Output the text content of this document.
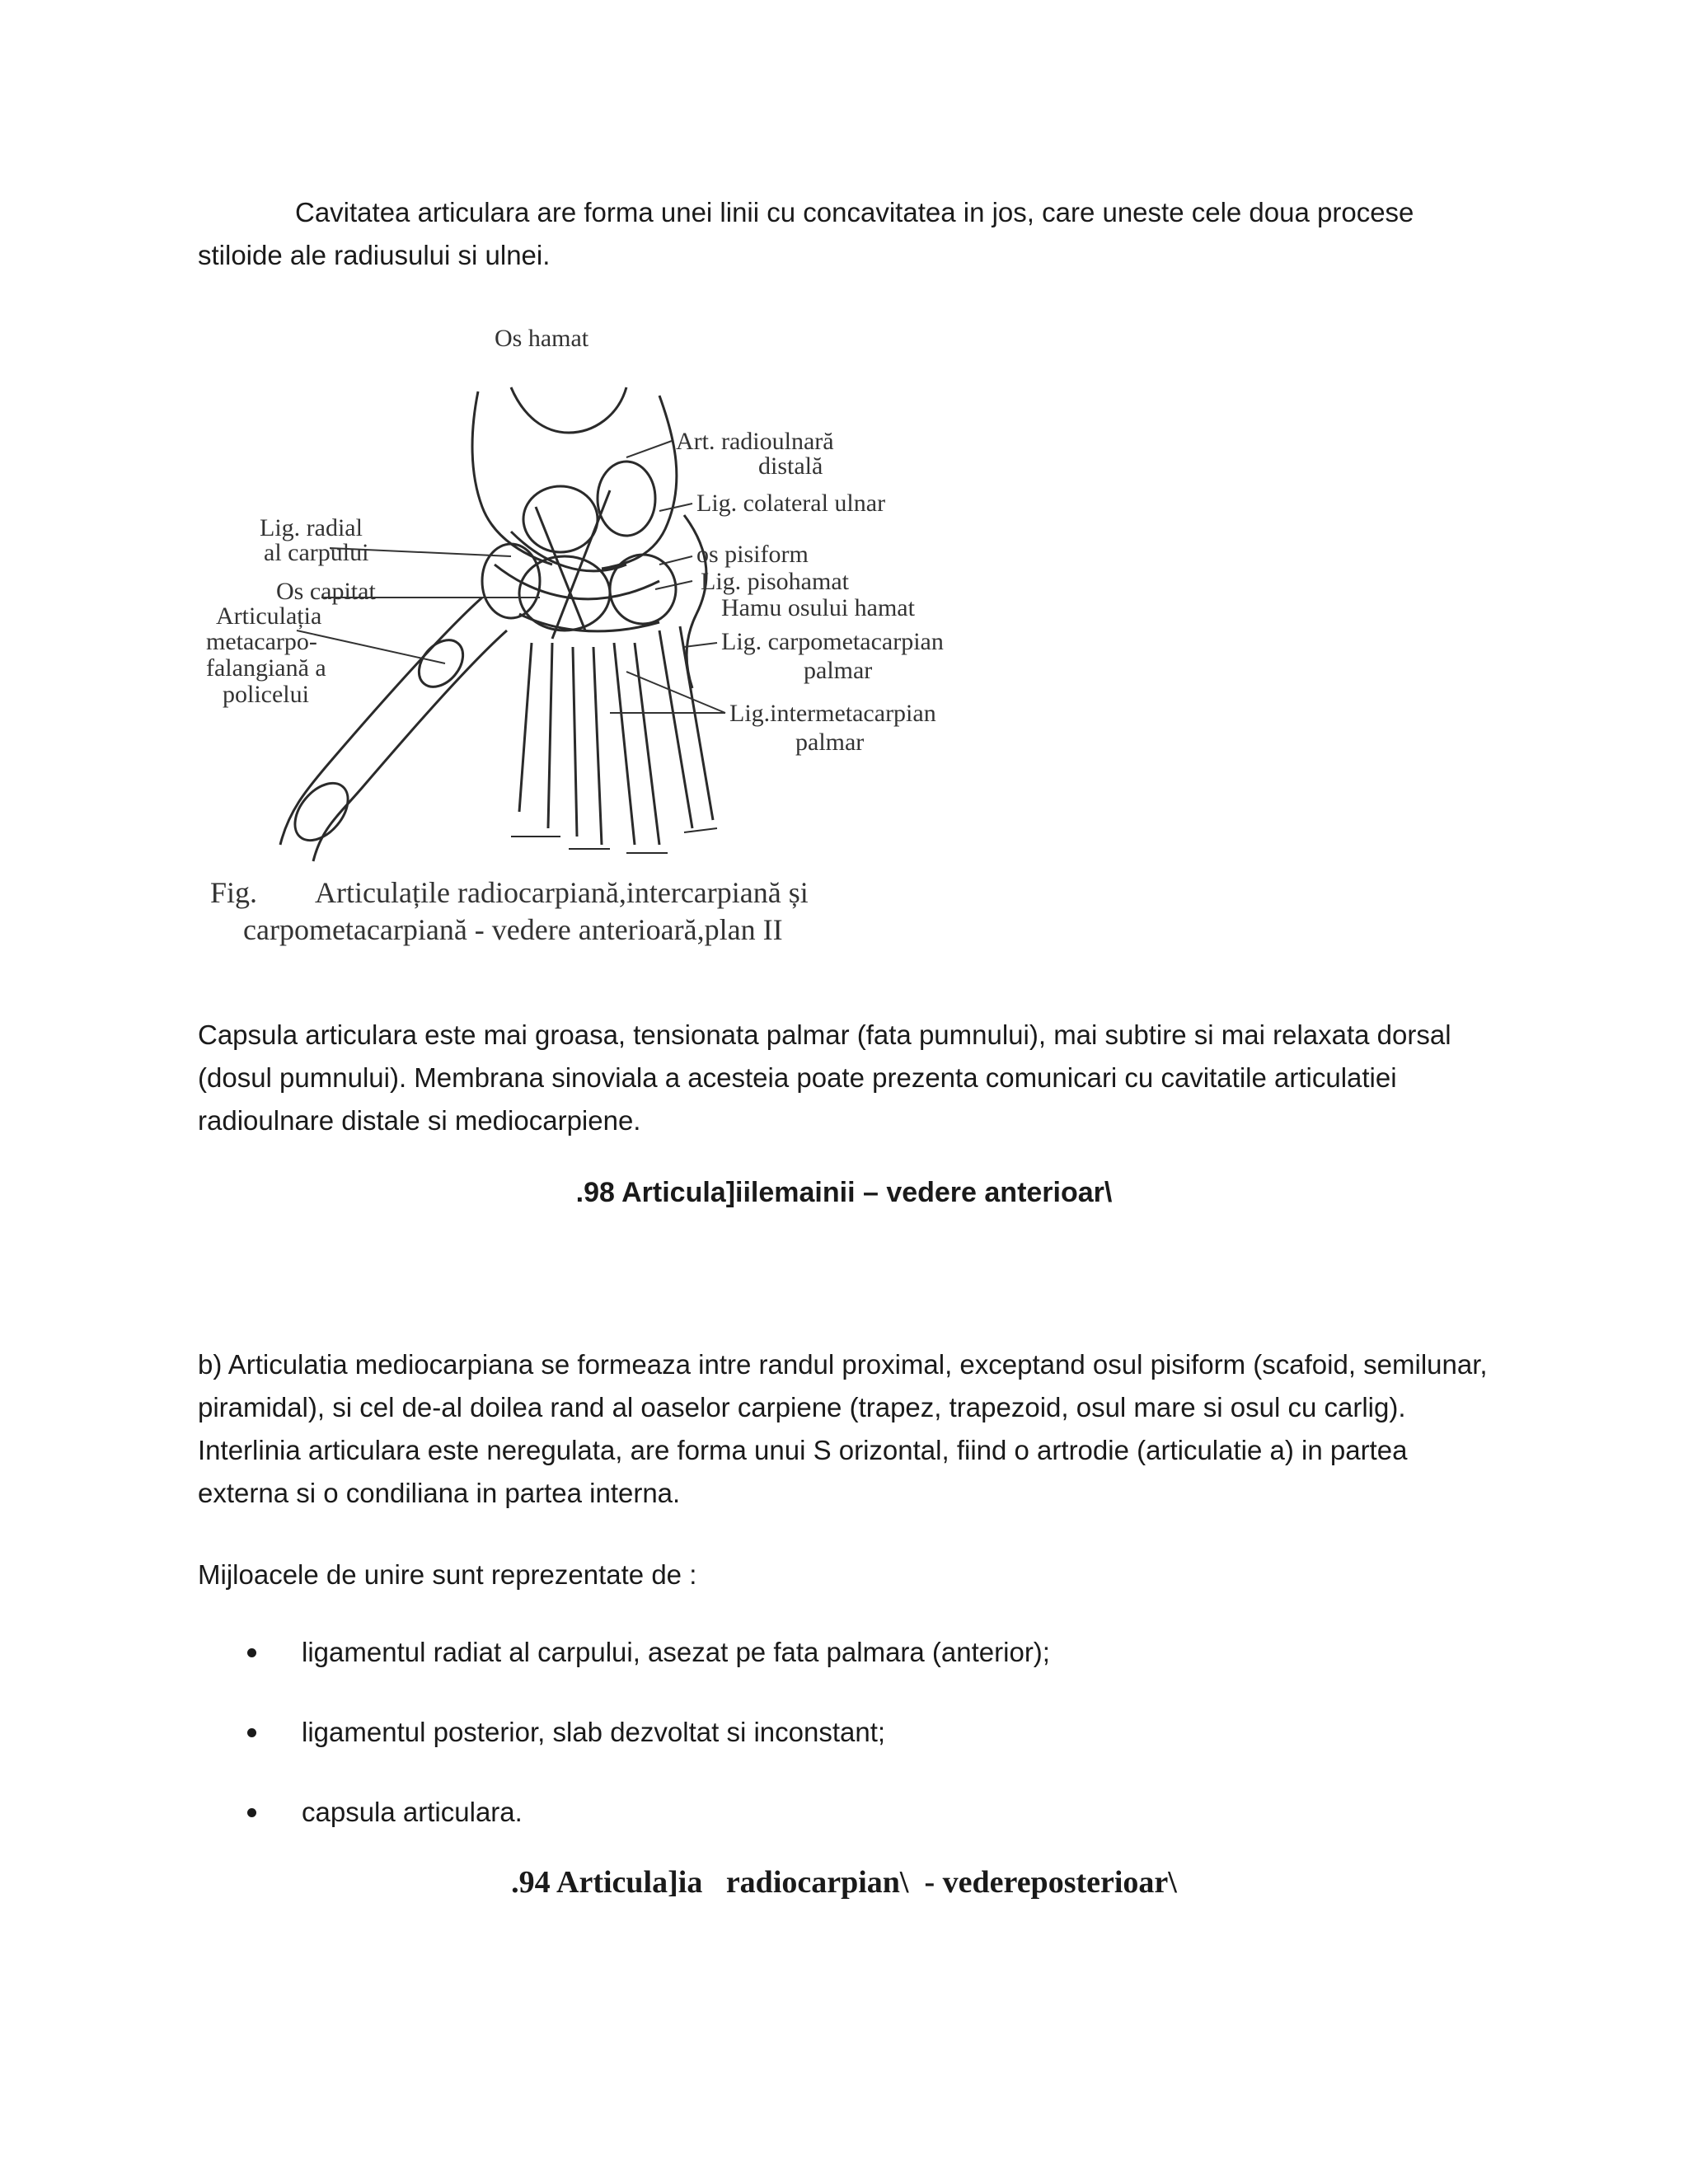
Cavitatea articulara are forma unei linii cu concavitatea in jos, care uneste cele doua procese stiloide ale radiusului si ulnei.

Os hamat
Art. radioulnară
distală
Lig. colateral ulnar
Lig. radial
al carpului	os pisiform
Os capitat	Lig. pisohamat
Articulația	Hamu osului hamat
metacarpo-	Lig. carpometacarpian
falangiană a	palmar
policelui
Lig.intermetacarpian
palmar
Fig.        Articulațile radiocarpiană,intercarpiană și
carpometacarpiană - vedere anterioară,plan II

Capsula articulara este mai groasa, tensionata palmar (fata pumnului), mai subtire si mai relaxata dorsal (dosul pumnului). Membrana sinoviala a acesteia poate prezenta comunicari cu cavitatile articulatiei radioulnare distale si mediocarpiene.

.98 Articula]iilemainii – vedere anterioar\

b) Articulatia mediocarpiana se formeaza intre randul proximal, exceptand osul pisiform (scafoid, semilunar, piramidal), si cel de-al doilea rand al oaselor carpiene (trapez, trapezoid, osul mare si osul cu carlig). Interlinia articulara este neregulata, are forma unui S orizontal, fiind o artrodie (articulatie a) in partea externa si o condiliana in partea interna.

Mijloacele de unire sunt reprezentate de :

ligamentul radiat al carpului, asezat pe fata palmara (anterior);
ligamentul posterior, slab dezvoltat si inconstant;
capsula articulara.

.94 Articula]ia   radiocarpian\  - vedereposterioar\
